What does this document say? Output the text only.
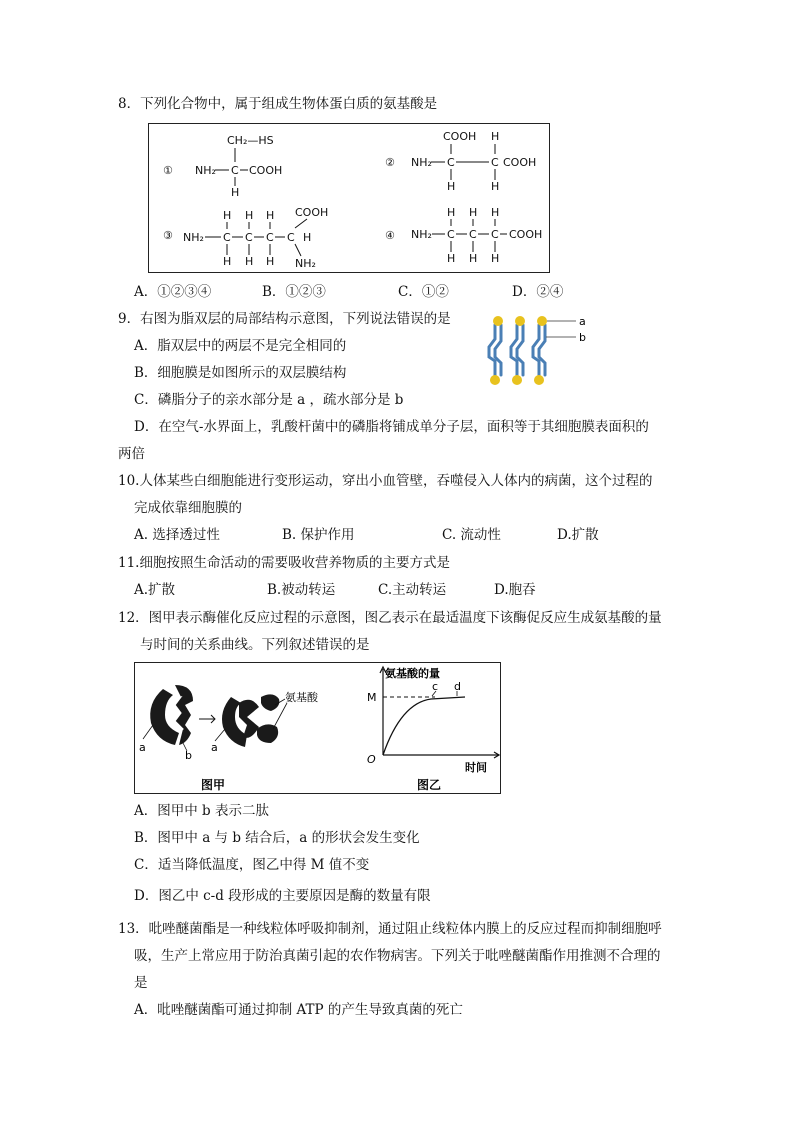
8．下列化合物中，属于组成生物体蛋白质的氨基酸是
①
CH₂—HS
NH₂ C COOH
H
②
COOH H
NH₂ C	C COOH
H	H
③ NH₂
H H H COOH
C C C C H
H H H NH₂
④ NH₂
H H H
C C C COOH
H H H
A．①②③④	B．①②③	C．①②	D．②④
9．右图为脂双层的局部结构示意图，下列说法错误的是	a
b
A．脂双层中的两层不是完全相同的
B．细胞膜是如图所示的双层膜结构
C．磷脂分子的亲水部分是 a ，疏水部分是 b
D．在空气-水界面上，乳酸杆菌中的磷脂将铺成单分子层，面积等于其细胞膜表面积的
两倍
10.人体某些白细胞能进行变形运动，穿出小血管壁，吞噬侵入人体内的病菌，这个过程的
完成依靠细胞膜的
A. 选择透过性	B. 保护作用	C. 流动性	D.扩散
11.细胞按照生命活动的需要吸收营养物质的主要方式是
A.扩散	B.被动转运	C.主动转运	D.胞吞
12．图甲表示酶催化反应过程的示意图，图乙表示在最适温度下该酶促反应生成氨基酸的量
与时间的关系曲线。下列叙述错误的是
a
b
a
氨基酸
图甲
氨基酸的量
M
O
c d
时间
图乙
A．图甲中 b 表示二肽
B．图甲中 a 与 b 结合后，a 的形状会发生变化
C．适当降低温度，图乙中得 M 值不变
D．图乙中 c-d 段形成的主要原因是酶的数量有限
13．吡唑醚菌酯是一种线粒体呼吸抑制剂，通过阻止线粒体内膜上的反应过程而抑制细胞呼
吸，生产上常应用于防治真菌引起的农作物病害。下列关于吡唑醚菌酯作用推测不合理的
是
A．吡唑醚菌酯可通过抑制 ATP 的产生导致真菌的死亡
